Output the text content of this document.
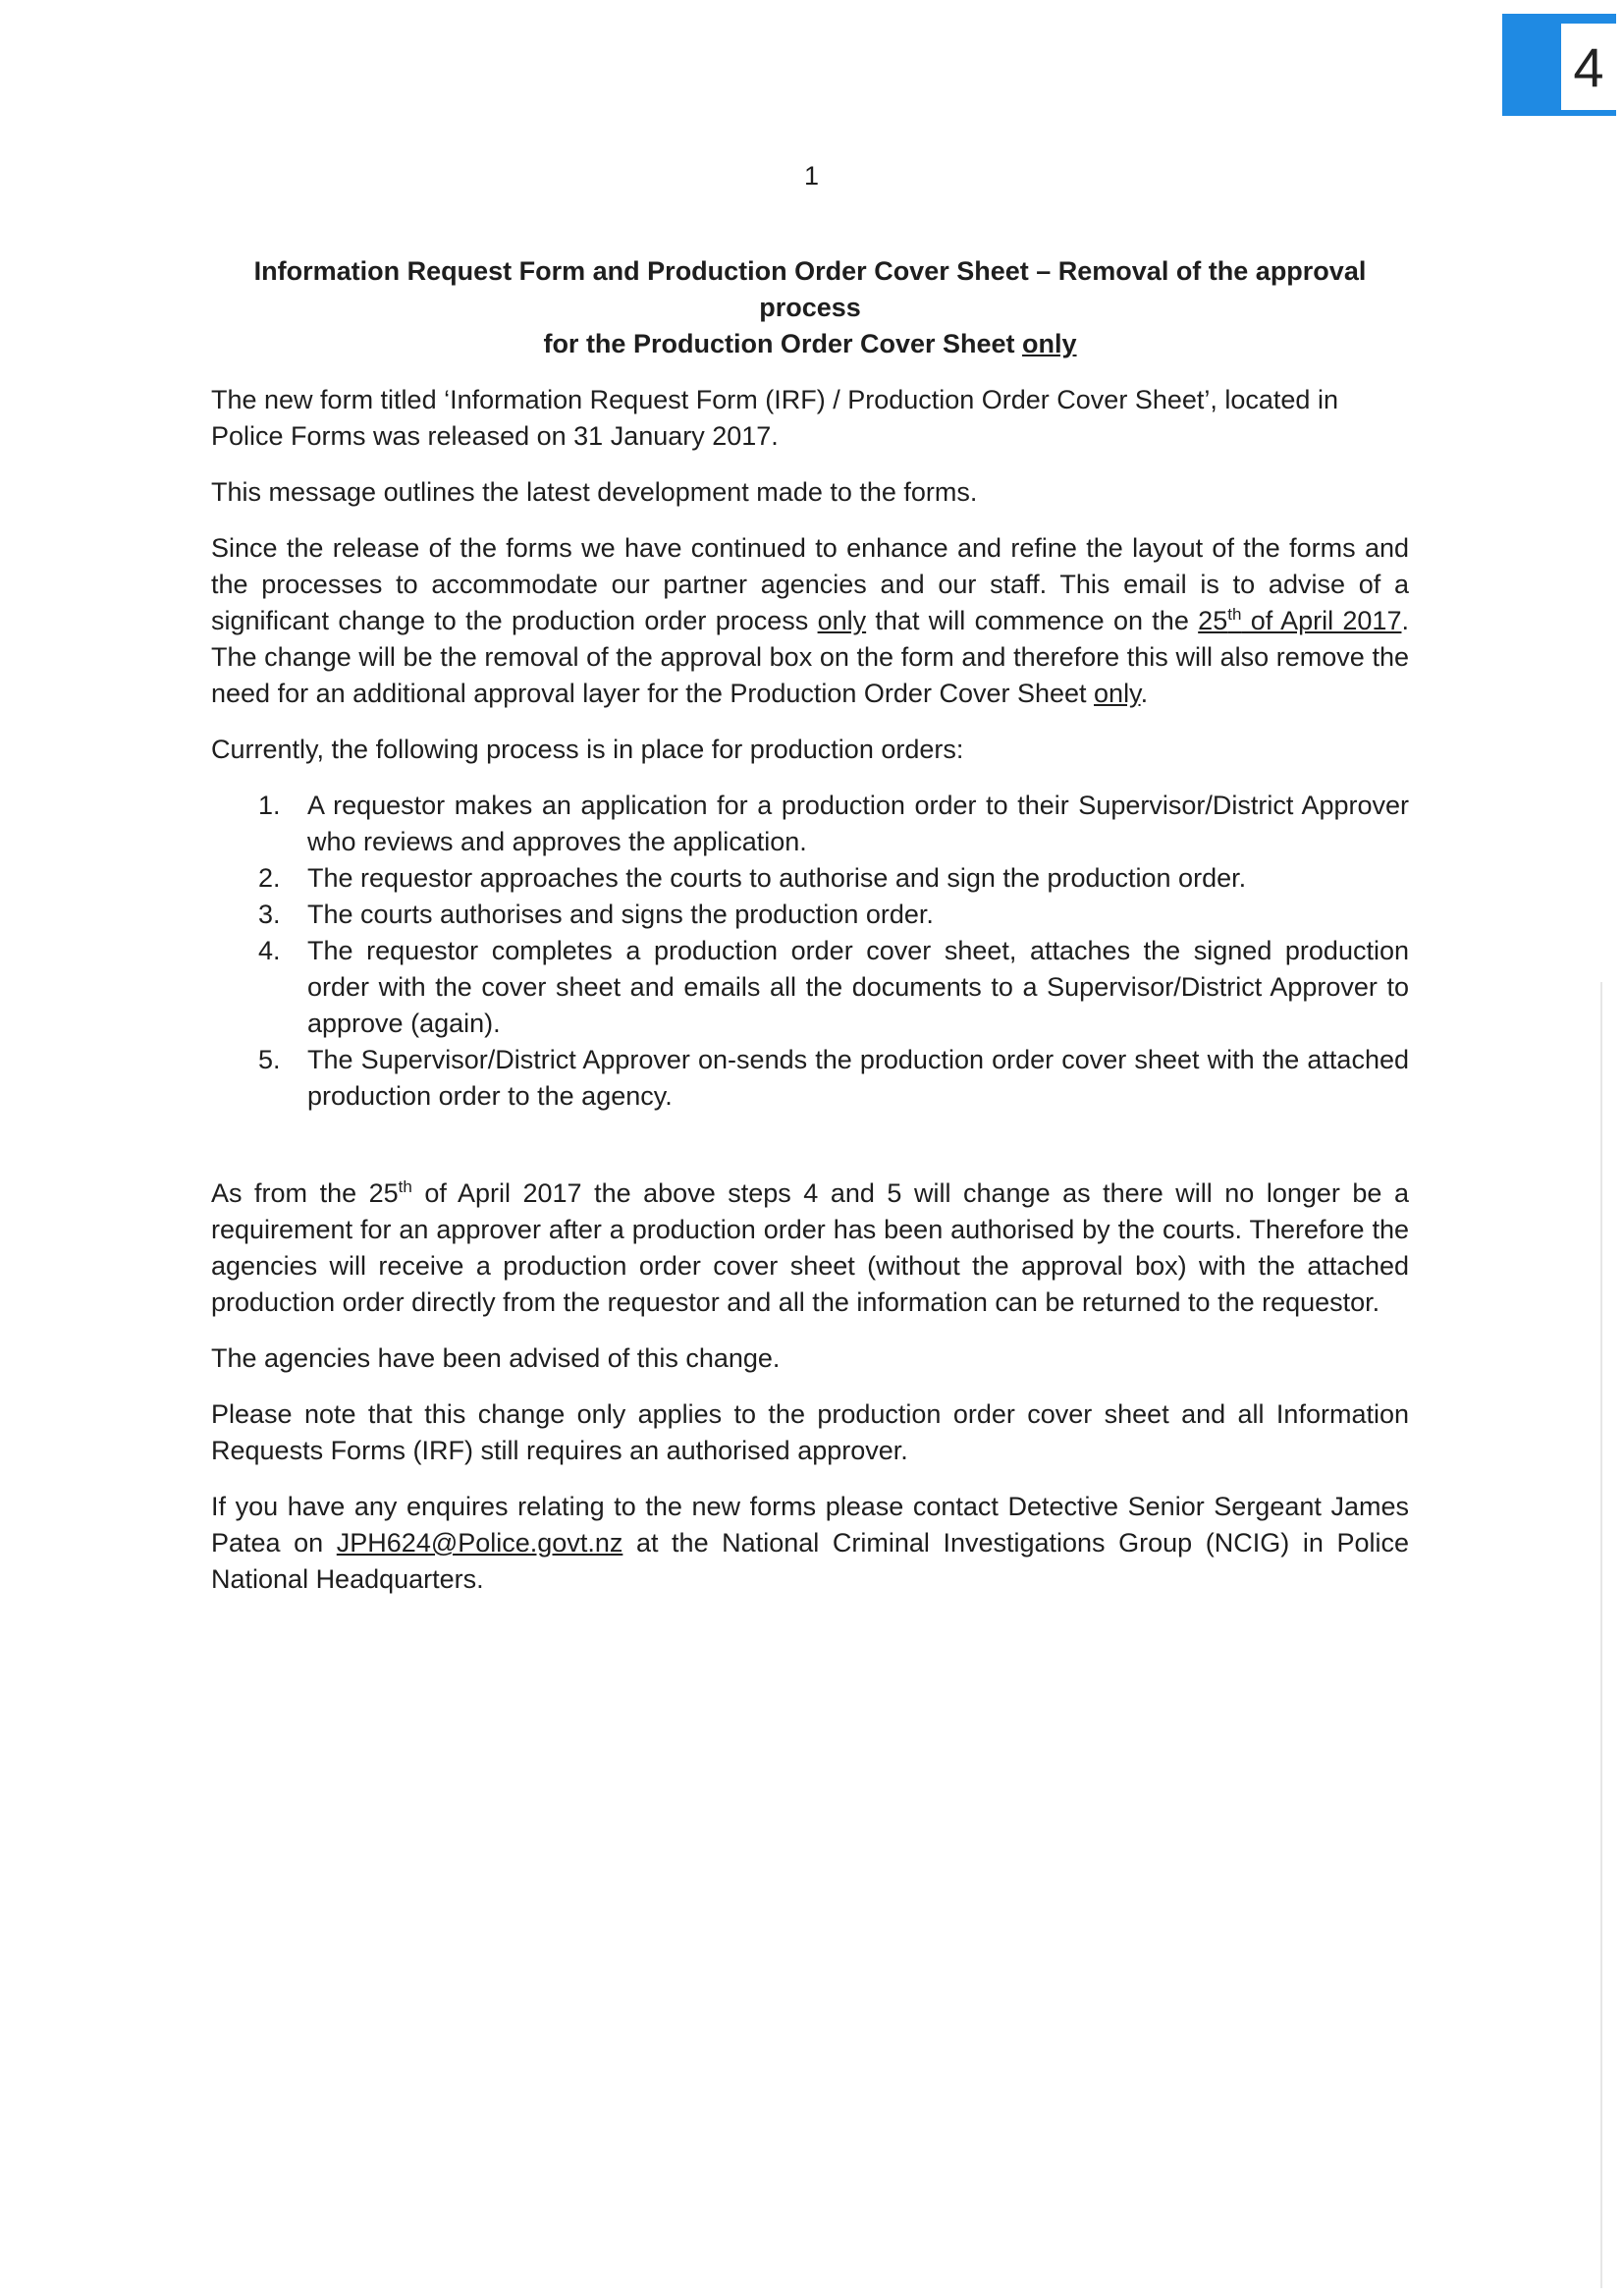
4
1
Information Request Form and Production Order Cover Sheet – Removal of the approval process
for the Production Order Cover Sheet only

The new form titled ‘Information Request Form (IRF) / Production Order Cover Sheet’, located in Police Forms was released on 31 January 2017.

This message outlines the latest development made to the forms.

Since the release of the forms we have continued to enhance and refine the layout of the forms and the processes to accommodate our partner agencies and our staff. This email is to advise of a significant change to the production order process only that will commence on the 25th of April 2017. The change will be the removal of the approval box on the form and therefore this will also remove the need for an additional approval layer for the Production Order Cover Sheet only.

Currently, the following process is in place for production orders:

1. A requestor makes an application for a production order to their Supervisor/District Approver who reviews and approves the application.
2. The requestor approaches the courts to authorise and sign the production order.
3. The courts authorises and signs the production order.
4. The requestor completes a production order cover sheet, attaches the signed production order with the cover sheet and emails all the documents to a Supervisor/District Approver to approve (again).
5. The Supervisor/District Approver on-sends the production order cover sheet with the attached production order to the agency.

As from the 25th of April 2017 the above steps 4 and 5 will change as there will no longer be a requirement for an approver after a production order has been authorised by the courts. Therefore the agencies will receive a production order cover sheet (without the approval box) with the attached production order directly from the requestor and all the information can be returned to the requestor.

The agencies have been advised of this change.

Please note that this change only applies to the production order cover sheet and all Information Requests Forms (IRF) still requires an authorised approver.

If you have any enquires relating to the new forms please contact Detective Senior Sergeant James Patea on JPH624@Police.govt.nz at the National Criminal Investigations Group (NCIG) in Police National Headquarters.
